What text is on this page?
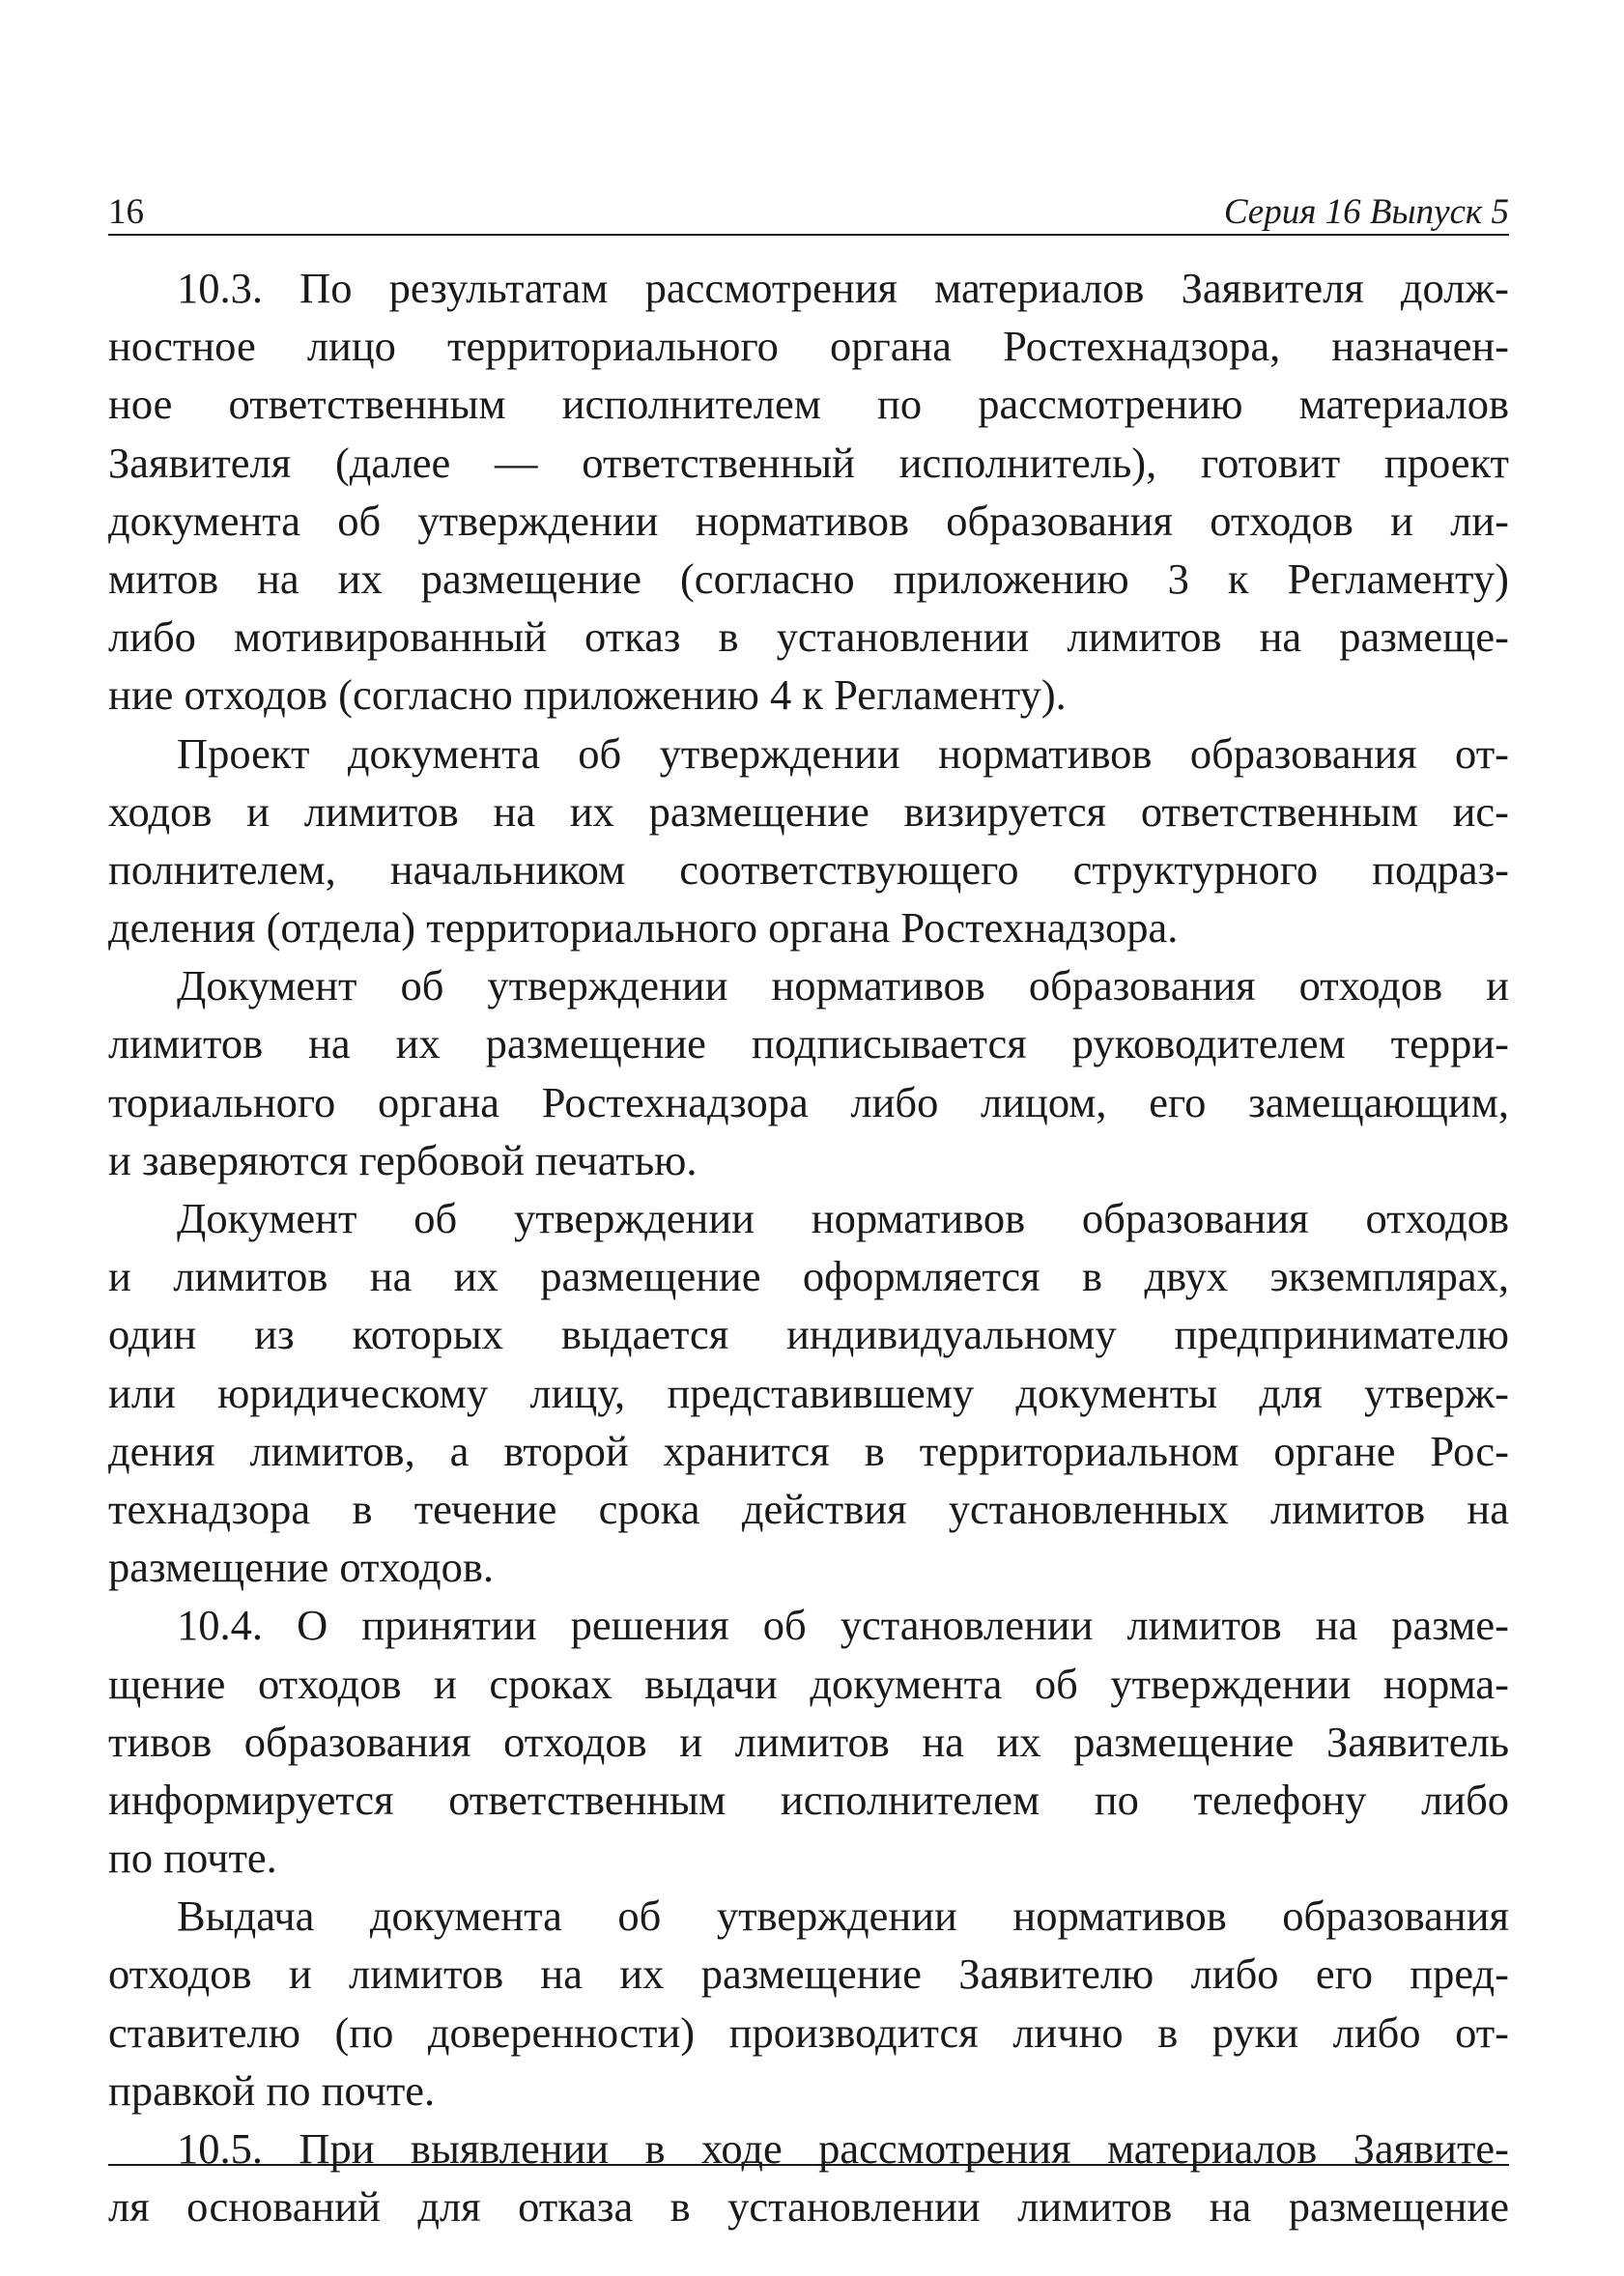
16	Серия 16 Выпуск 5
10.3. По результатам рассмотрения материалов Заявителя долж-
ностное лицо территориального органа Ростехнадзора, назначен-
ное ответственным исполнителем по рассмотрению материалов
Заявителя (далее — ответственный исполнитель), готовит проект
документа об утверждении нормативов образования отходов и ли-
митов на их размещение (согласно приложению 3 к Регламенту)
либо мотивированный отказ в установлении лимитов на размеще-
ние отходов (согласно приложению 4 к Регламенту).
Проект документа об утверждении нормативов образования от-
ходов и лимитов на их размещение визируется ответственным ис-
полнителем, начальником соответствующего структурного подраз-
деления (отдела) территориального органа Ростехнадзора.
Документ об утверждении нормативов образования отходов и
лимитов на их размещение подписывается руководителем терри-
ториального органа Ростехнадзора либо лицом, его замещающим,
и заверяются гербовой печатью.
Документ об утверждении нормативов образования отходов
и лимитов на их размещение оформляется в двух экземплярах,
один из которых выдается индивидуальному предпринимателю
или юридическому лицу, представившему документы для утверж-
дения лимитов, а второй хранится в территориальном органе Рос-
технадзора в течение срока действия установленных лимитов на
размещение отходов.
10.4. О принятии решения об установлении лимитов на разме-
щение отходов и сроках выдачи документа об утверждении норма-
тивов образования отходов и лимитов на их размещение Заявитель
информируется ответственным исполнителем по телефону либо
по почте.
Выдача документа об утверждении нормативов образования
отходов и лимитов на их размещение Заявителю либо его пред-
ставителю (по доверенности) производится лично в руки либо от-
правкой по почте.
10.5. При выявлении в ходе рассмотрения материалов Заявите-
ля оснований для отказа в установлении лимитов на размещение
